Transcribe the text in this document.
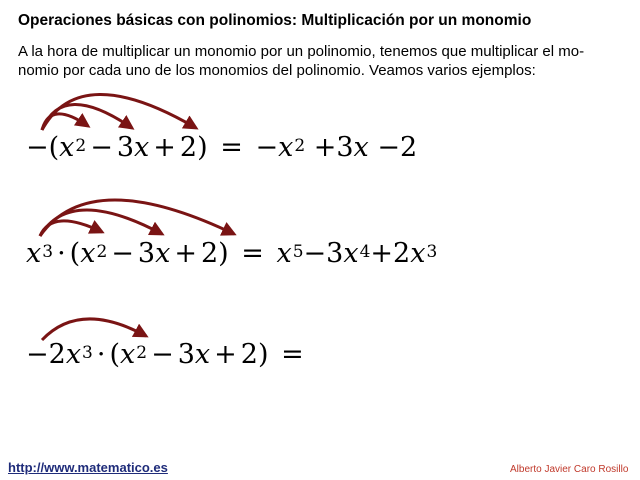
Operaciones básicas con polinomios: Multiplicación por un monomio
A la hora de multiplicar un monomio por un polinomio, tenemos que multiplicar el mo-
nomio por cada uno de los monomios del polinomio. Veamos varios ejemplos:
$-(x^2 - 3x + 2) = -x^2 +3x -2$
$x^3 \cdot (x^2 - 3x + 2) = x^5-3x^4+2x^3$
$-2x^3 \cdot (x^2 - 3x + 2)$ =
http://www.matematico.es	Alberto Javier Caro Rosillo
